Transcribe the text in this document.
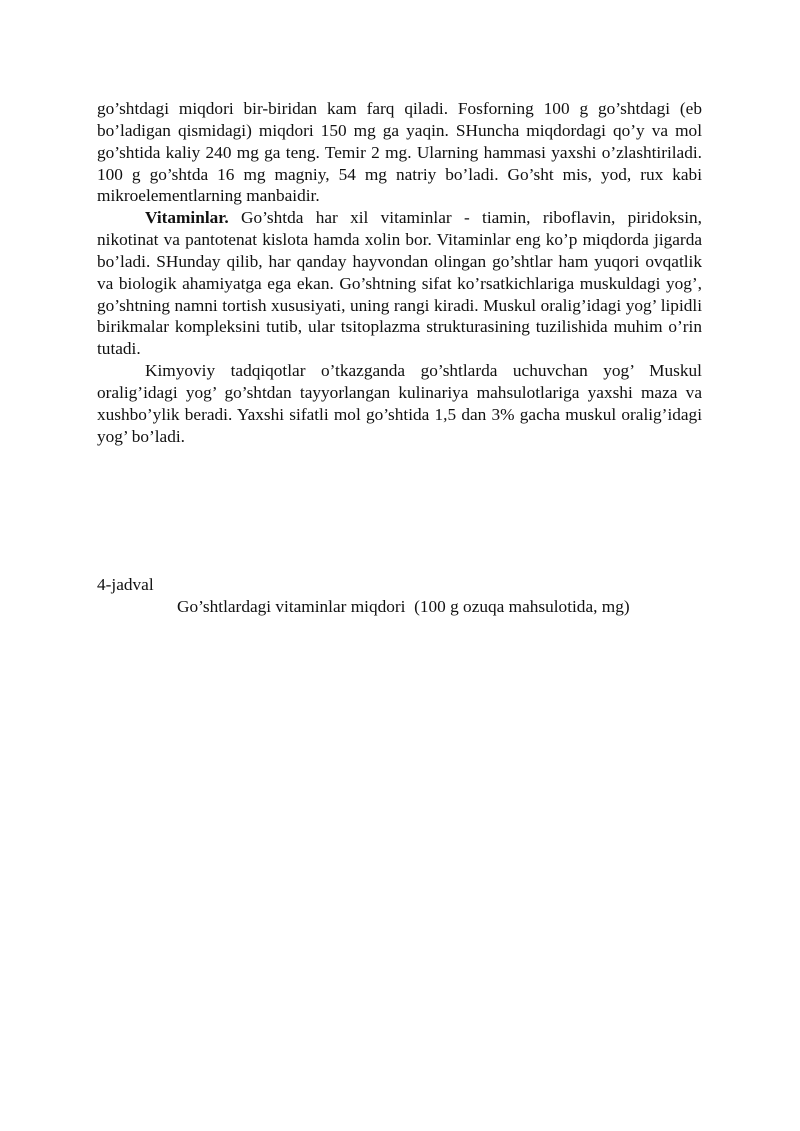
go’shtdagi miqdori bir-biridan kam farq qiladi. Fosforning 100 g go’shtdagi (eb bo’ladigan qismidagi) miqdori 150 mg ga yaqin. SHuncha miqdordagi qo’y va mol go’shtida kaliy 240 mg ga teng. Temir 2 mg. Ularning hammasi yaxshi o’zlashtiriladi. 100 g go’shtda 16 mg magniy, 54 mg natriy bo’ladi. Go’sht mis, yod, rux kabi mikroelementlarning manbaidir.

Vitaminlar. Go’shtda har xil vitaminlar - tiamin, riboflavin, piridoksin, nikotinat va pantotenat kislota hamda xolin bor. Vitaminlar eng ko’p miqdorda jigarda bo’ladi. SHunday qilib, har qanday hayvondan olingan go’shtlar ham yuqori ovqatlik va biologik ahamiyatga ega ekan. Go’shtning sifat ko’rsatkichlariga muskuldagi yog’, go’shtning namni tortish xususiyati, uning rangi kiradi. Muskul oralig’idagi yog’ lipidli birikmalar kompleksini tutib, ular tsitoplazma strukturasining tuzilishida muhim o’rin tutadi.

Kimyoviy tadqiqotlar o’tkazganda go’shtlarda uchuvchan yog’ Muskul oralig’idagi yog’ go’shtdan tayyorlangan kulinariya mahsulotlariga yaxshi maza va xushbo’ylik beradi. Yaxshi sifatli mol go’shtida 1,5 dan 3% gacha muskul oralig’idagi yog’ bo’ladi.

4-jadval
Go’shtlardagi vitaminlar miqdori  (100 g ozuqa mahsulotida, mg)
